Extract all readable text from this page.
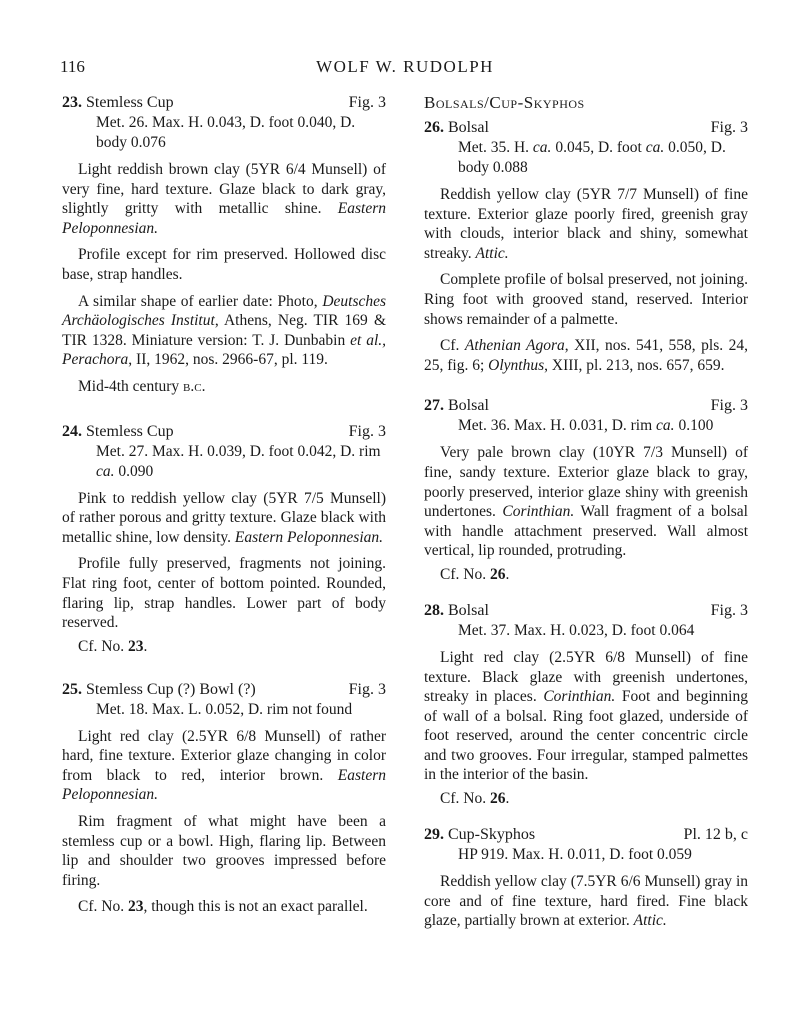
116	WOLF W. RUDOLPH
23. Stemless Cup	Fig. 3
Met. 26. Max. H. 0.043, D. foot 0.040, D. body 0.076

Light reddish brown clay (5YR 6/4 Munsell) of very fine, hard texture. Glaze black to dark gray, slightly gritty with metallic shine. Eastern Peloponnesian.

Profile except for rim preserved. Hollowed disc base, strap handles.

A similar shape of earlier date: Photo, Deutsches Archäologisches Institut, Athens, Neg. TIR 169 & TIR 1328. Miniature version: T. J. Dunbabin et al., Perachora, II, 1962, nos. 2966-67, pl. 119.

Mid-4th century b.c.

24. Stemless Cup	Fig. 3
Met. 27. Max. H. 0.039, D. foot 0.042, D. rim ca. 0.090

Pink to reddish yellow clay (5YR 7/5 Munsell) of rather porous and gritty texture. Glaze black with metallic shine, low density. Eastern Peloponnesian.

Profile fully preserved, fragments not joining. Flat ring foot, center of bottom pointed. Rounded, flaring lip, strap handles. Lower part of body reserved.

Cf. No. 23.
25. Stemless Cup (?) Bowl (?)	Fig. 3
Met. 18. Max. L. 0.052, D. rim not found

Light red clay (2.5YR 6/8 Munsell) of rather hard, fine texture. Exterior glaze changing in color from black to red, interior brown. Eastern Peloponnesian.

Rim fragment of what might have been a stemless cup or a bowl. High, flaring lip. Between lip and shoulder two grooves impressed before firing.

Cf. No. 23, though this is not an exact parallel.

Bolsals/Cup-Skyphos
26. Bolsal	Fig. 3
Met. 35. H. ca. 0.045, D. foot ca. 0.050, D. body 0.088

Reddish yellow clay (5YR 7/7 Munsell) of fine texture. Exterior glaze poorly fired, greenish gray with clouds, interior black and shiny, somewhat streaky. Attic.

Complete profile of bolsal preserved, not joining. Ring foot with grooved stand, reserved. Interior shows remainder of a palmette.

Cf. Athenian Agora, XII, nos. 541, 558, pls. 24, 25, fig. 6; Olynthus, XIII, pl. 213, nos. 657, 659.

27. Bolsal	Fig. 3
Met. 36. Max. H. 0.031, D. rim ca. 0.100

Very pale brown clay (10YR 7/3 Munsell) of fine, sandy texture. Exterior glaze black to gray, poorly preserved, interior glaze shiny with greenish undertones. Corinthian. Wall fragment of a bolsal with handle attachment preserved. Wall almost vertical, lip rounded, protruding.

Cf. No. 26.
28. Bolsal	Fig. 3
Met. 37. Max. H. 0.023, D. foot 0.064

Light red clay (2.5YR 6/8 Munsell) of fine texture. Black glaze with greenish undertones, streaky in places. Corinthian. Foot and beginning of wall of a bolsal. Ring foot glazed, underside of foot reserved, around the center concentric circle and two grooves. Four irregular, stamped palmettes in the interior of the basin.

Cf. No. 26.
29. Cup-Skyphos	Pl. 12 b, c
HP 919. Max. H. 0.011, D. foot 0.059

Reddish yellow clay (7.5YR 6/6 Munsell) gray in core and of fine texture, hard fired. Fine black glaze, partially brown at exterior. Attic.
